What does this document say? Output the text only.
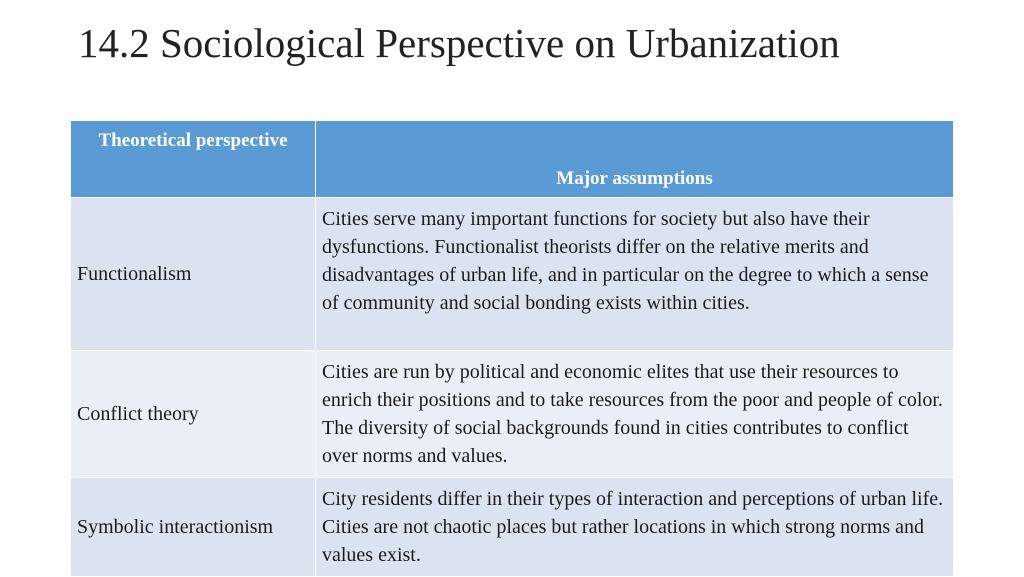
14.2 Sociological Perspective on Urbanization
Theoretical perspective	Major assumptions
Functionalism	Cities serve many important functions for society but also have their dysfunctions. Functionalist theorists differ on the relative merits and disadvantages of urban life, and in particular on the degree to which a sense of community and social bonding exists within cities.
Conflict theory	Cities are run by political and economic elites that use their resources to enrich their positions and to take resources from the poor and people of color. The diversity of social backgrounds found in cities contributes to conflict over norms and values.
Symbolic interactionism	City residents differ in their types of interaction and perceptions of urban life. Cities are not chaotic places but rather locations in which strong norms and values exist.
